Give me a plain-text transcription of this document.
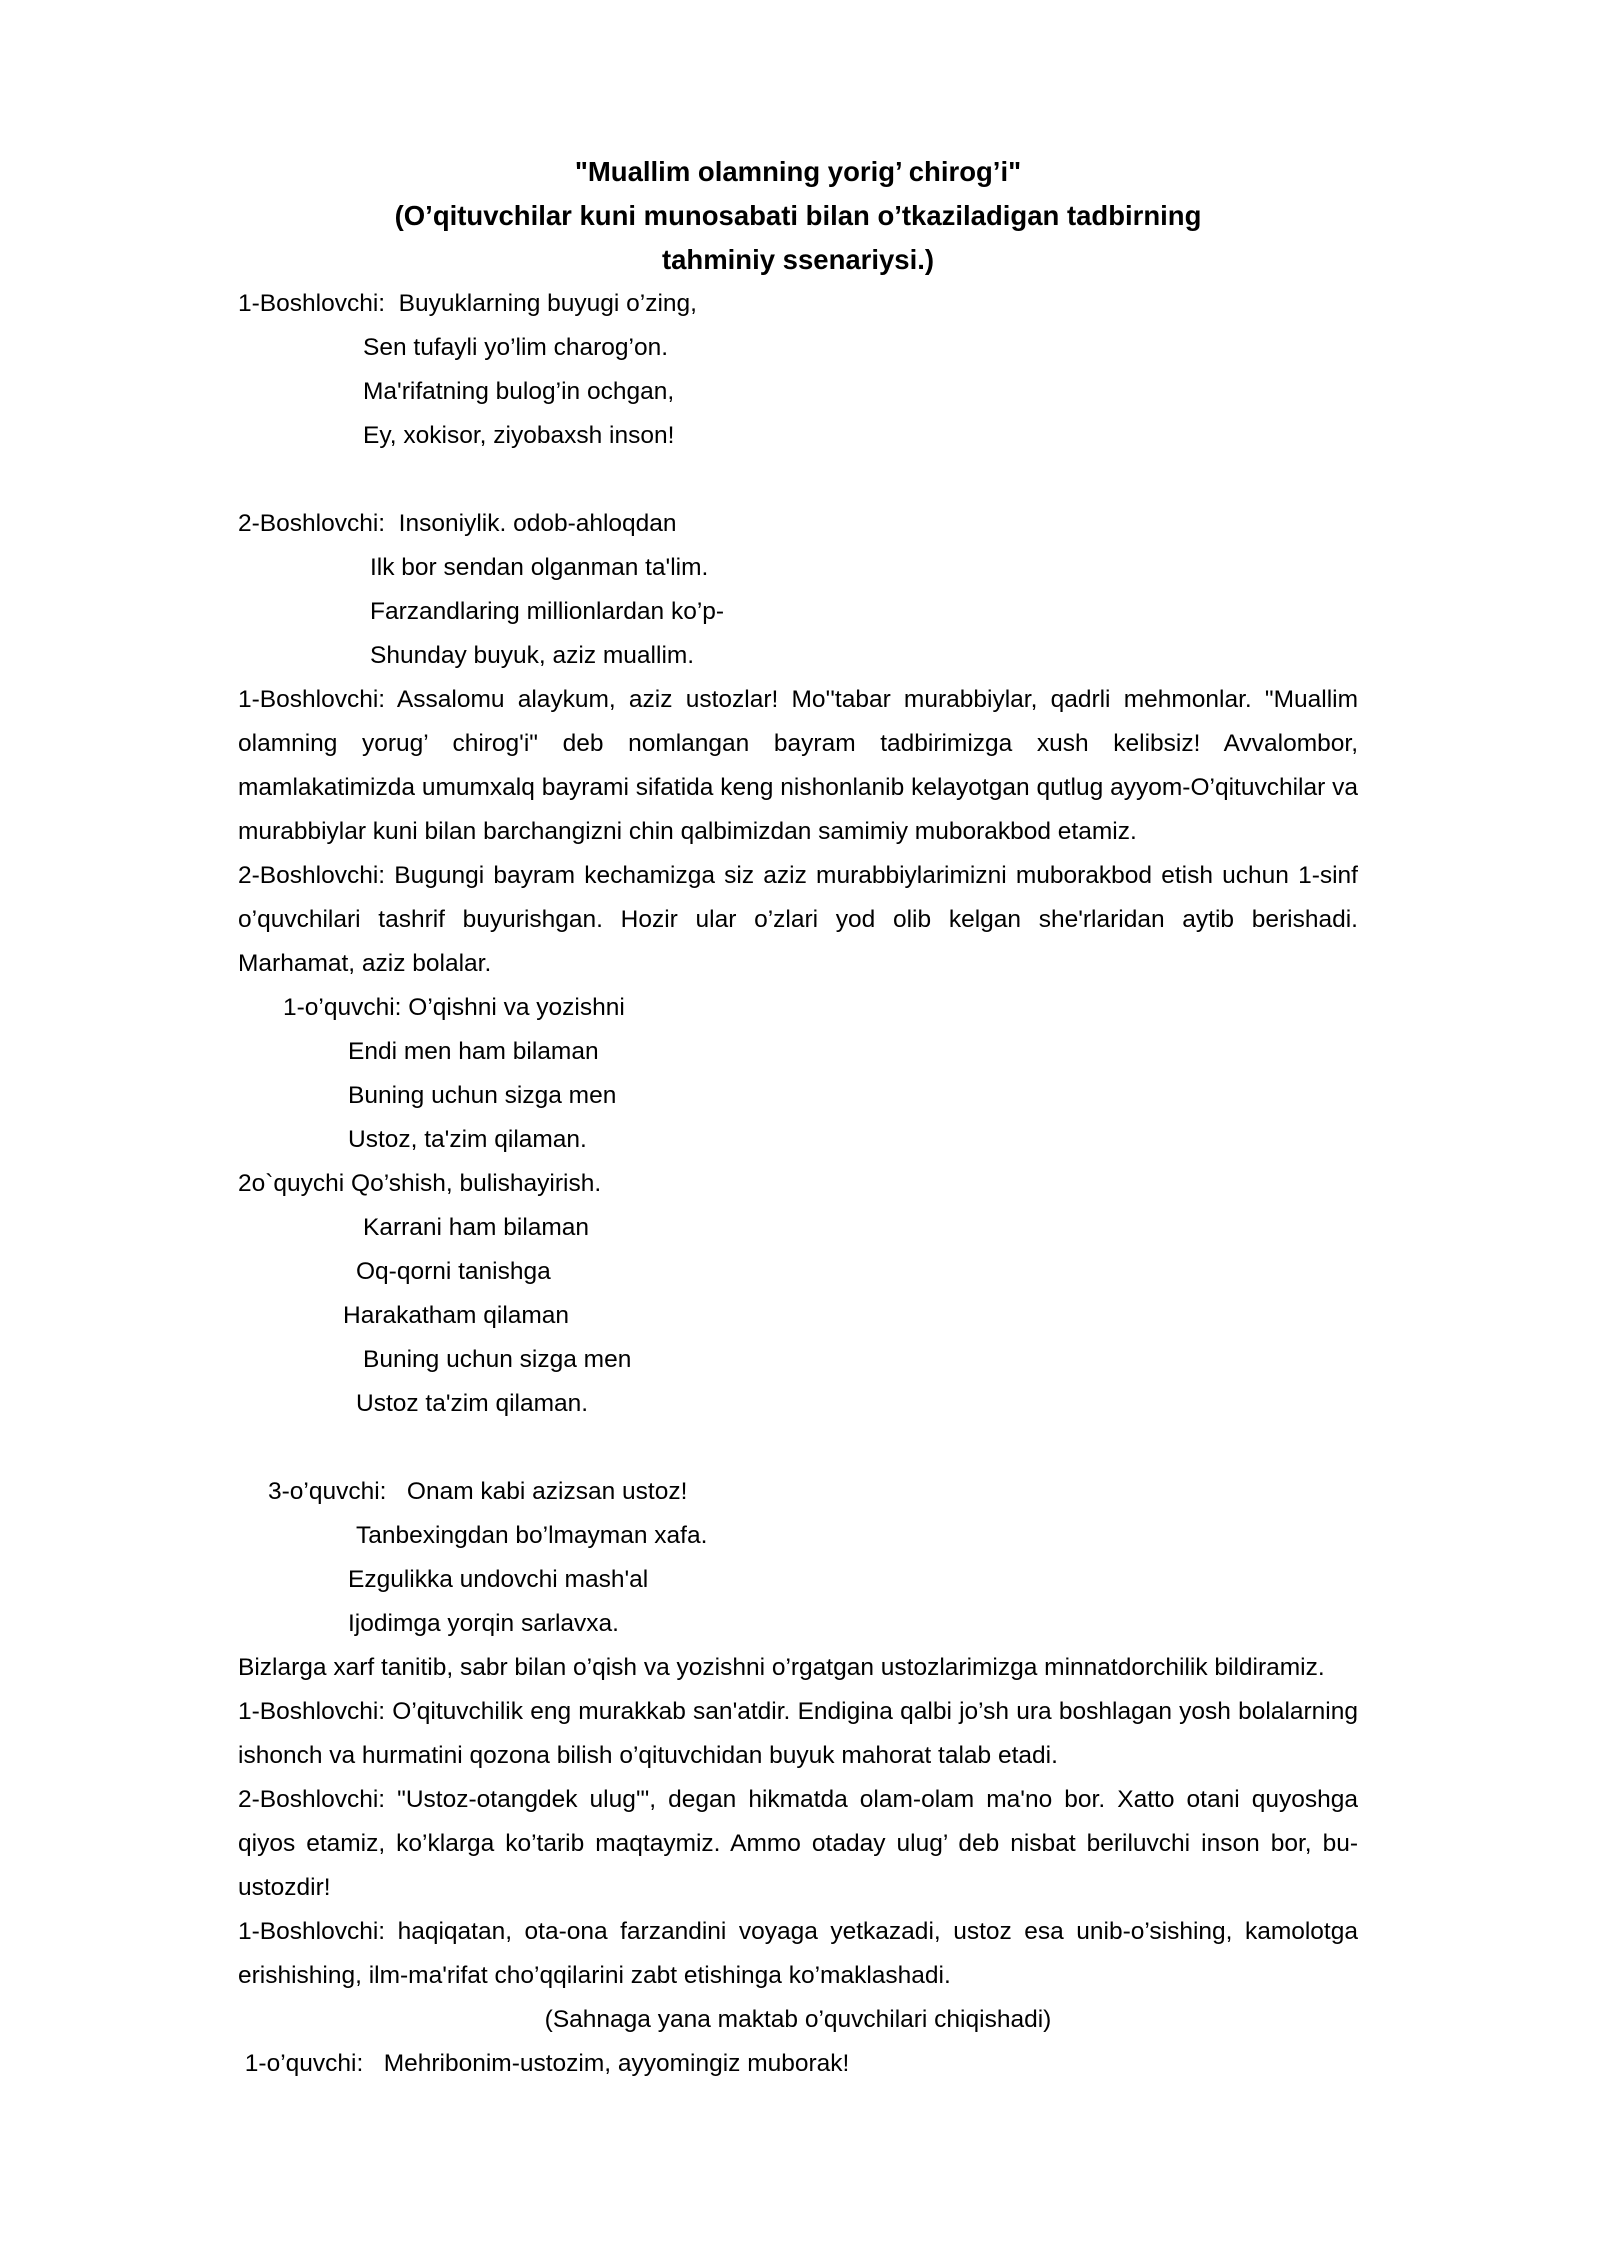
"Muallim olamning yorig’ chirog’i"
(O’qituvchilar kuni munosabati bilan o’tkaziladigan tadbirning
tahminiy ssenariysi.)
1-Boshlovchi:  Buyuklarning buyugi o’zing,
Sen tufayli yo’lim charog’on.
Ma'rifatning bulog’in ochgan,
Ey, xokisor, ziyobaxsh inson!
2-Boshlovchi:  Insoniylik. odob-ahloqdan
Ilk bor sendan olganman ta'lim.
Farzandlaring millionlardan ko’p-
Shunday buyuk, aziz muallim.

1-Boshlovchi: Assalomu alaykum, aziz ustozlar! Mo''tabar murabbiylar, qadrli mehmonlar. "Muallim olamning yorug’ chirog'i" deb nomlangan bayram tadbirimizga xush kelibsiz! Avvalombor, mamlakatimizda umumxalq bayrami sifatida keng nishonlanib kelayotgan qutlug ayyom-O’qituvchilar va murabbiylar kuni bilan barchangizni chin qalbimizdan samimiy muborakbod etamiz.

2-Boshlovchi: Bugungi bayram kechamizga siz aziz murabbiylarimizni muborakbod etish uchun 1-sinf o’quvchilari tashrif buyurishgan. Hozir ular o’zlari yod olib kelgan she'rlaridan aytib berishadi. Marhamat, aziz bolalar.

1-o’quvchi: O’qishni va yozishni
Endi men ham bilaman
Buning uchun sizga men
Ustoz, ta'zim qilaman.
2o`quychi Qo’shish, bulishayirish.
Karrani ham bilaman
Oq-qorni tanishga
Harakatham qilaman
Buning uchun sizga men
Ustoz ta'zim qilaman.
3-o’quvchi:   Onam kabi azizsan ustoz!
Tanbexingdan bo’lmayman xafa.
Ezgulikka undovchi mash'al
Ijodimga yorqin sarlavxa.

Bizlarga xarf tanitib, sabr bilan o’qish va yozishni o’rgatgan ustozlarimizga minnatdorchilik bildiramiz.

1-Boshlovchi: O’qituvchilik eng murakkab san'atdir. Endigina qalbi jo’sh ura boshlagan yosh bolalarning ishonch va hurmatini qozona bilish o’qituvchidan buyuk mahorat talab etadi.

2-Boshlovchi: "Ustoz-otangdek ulug'", degan hikmatda olam-olam ma'no bor. Xatto otani quyoshga qiyos etamiz, ko’klarga ko’tarib maqtaymiz. Ammo otaday ulug’ deb nisbat beriluvchi inson bor, bu-ustozdir!

1-Boshlovchi: haqiqatan, ota-ona farzandini voyaga yetkazadi, ustoz esa unib-o’sishing, kamolotga erishishing, ilm-ma'rifat cho’qqilarini zabt etishinga ko’maklashadi.

(Sahnaga yana maktab o’quvchilari chiqishadi)
1-o’quvchi:   Mehribonim-ustozim, ayyomingiz muborak!
